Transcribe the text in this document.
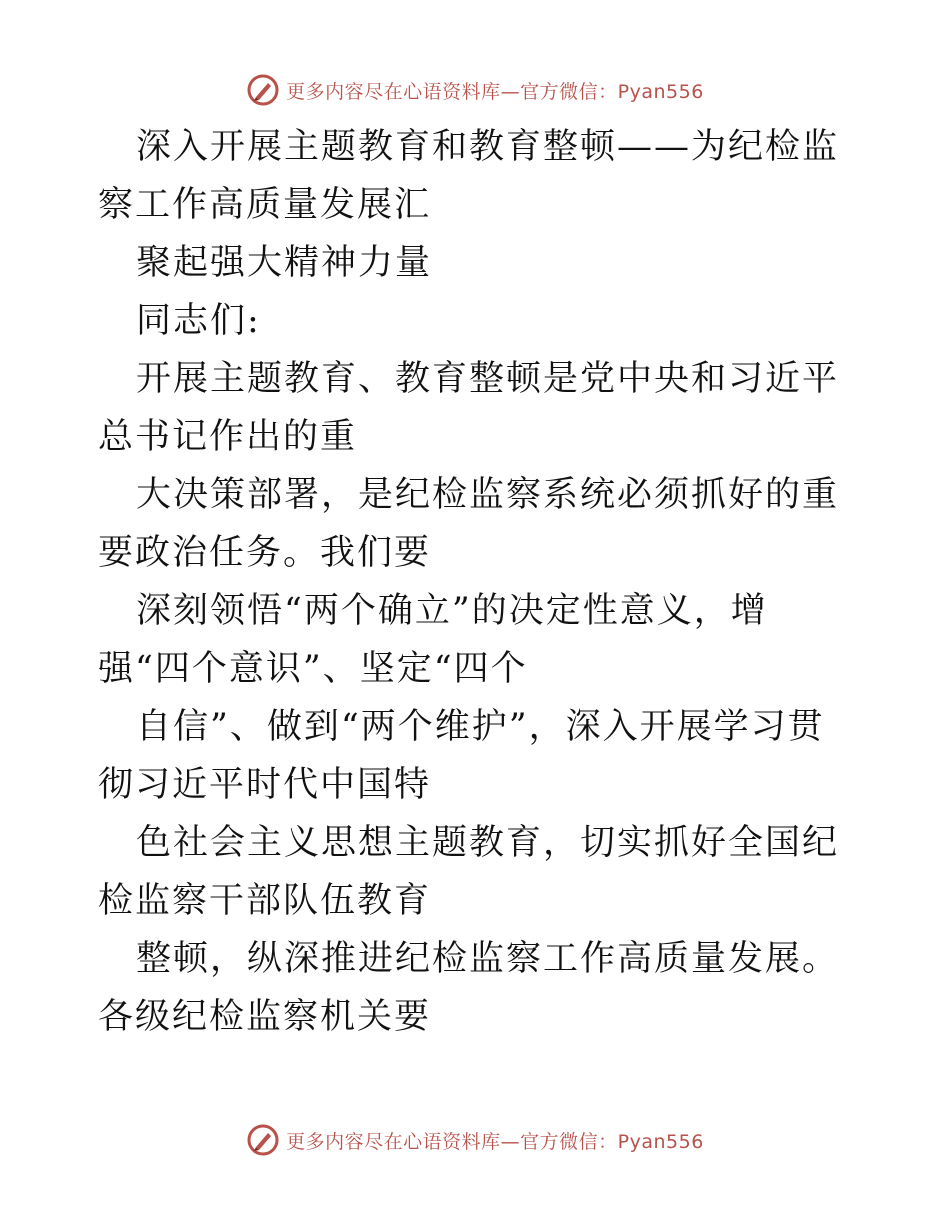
更多内容尽在心语资料库—官方微信：Pyan556

深入开展主题教育和教育整顿——为纪检监察工作高质量发展汇

聚起强大精神力量

同志们:

开展主题教育、教育整顿是党中央和习近平总书记作出的重

大决策部署，是纪检监察系统必须抓好的重要政治任务。我们要

深刻领悟“两个确立”的决定性意义，增强“四个意识”、坚定“四个

自信”、做到“两个维护”，深入开展学习贯彻习近平时代中国特

色社会主义思想主题教育，切实抓好全国纪检监察干部队伍教育

整顿，纵深推进纪检监察工作高质量发展。各级纪检监察机关要

更多内容尽在心语资料库—官方微信：Pyan556
